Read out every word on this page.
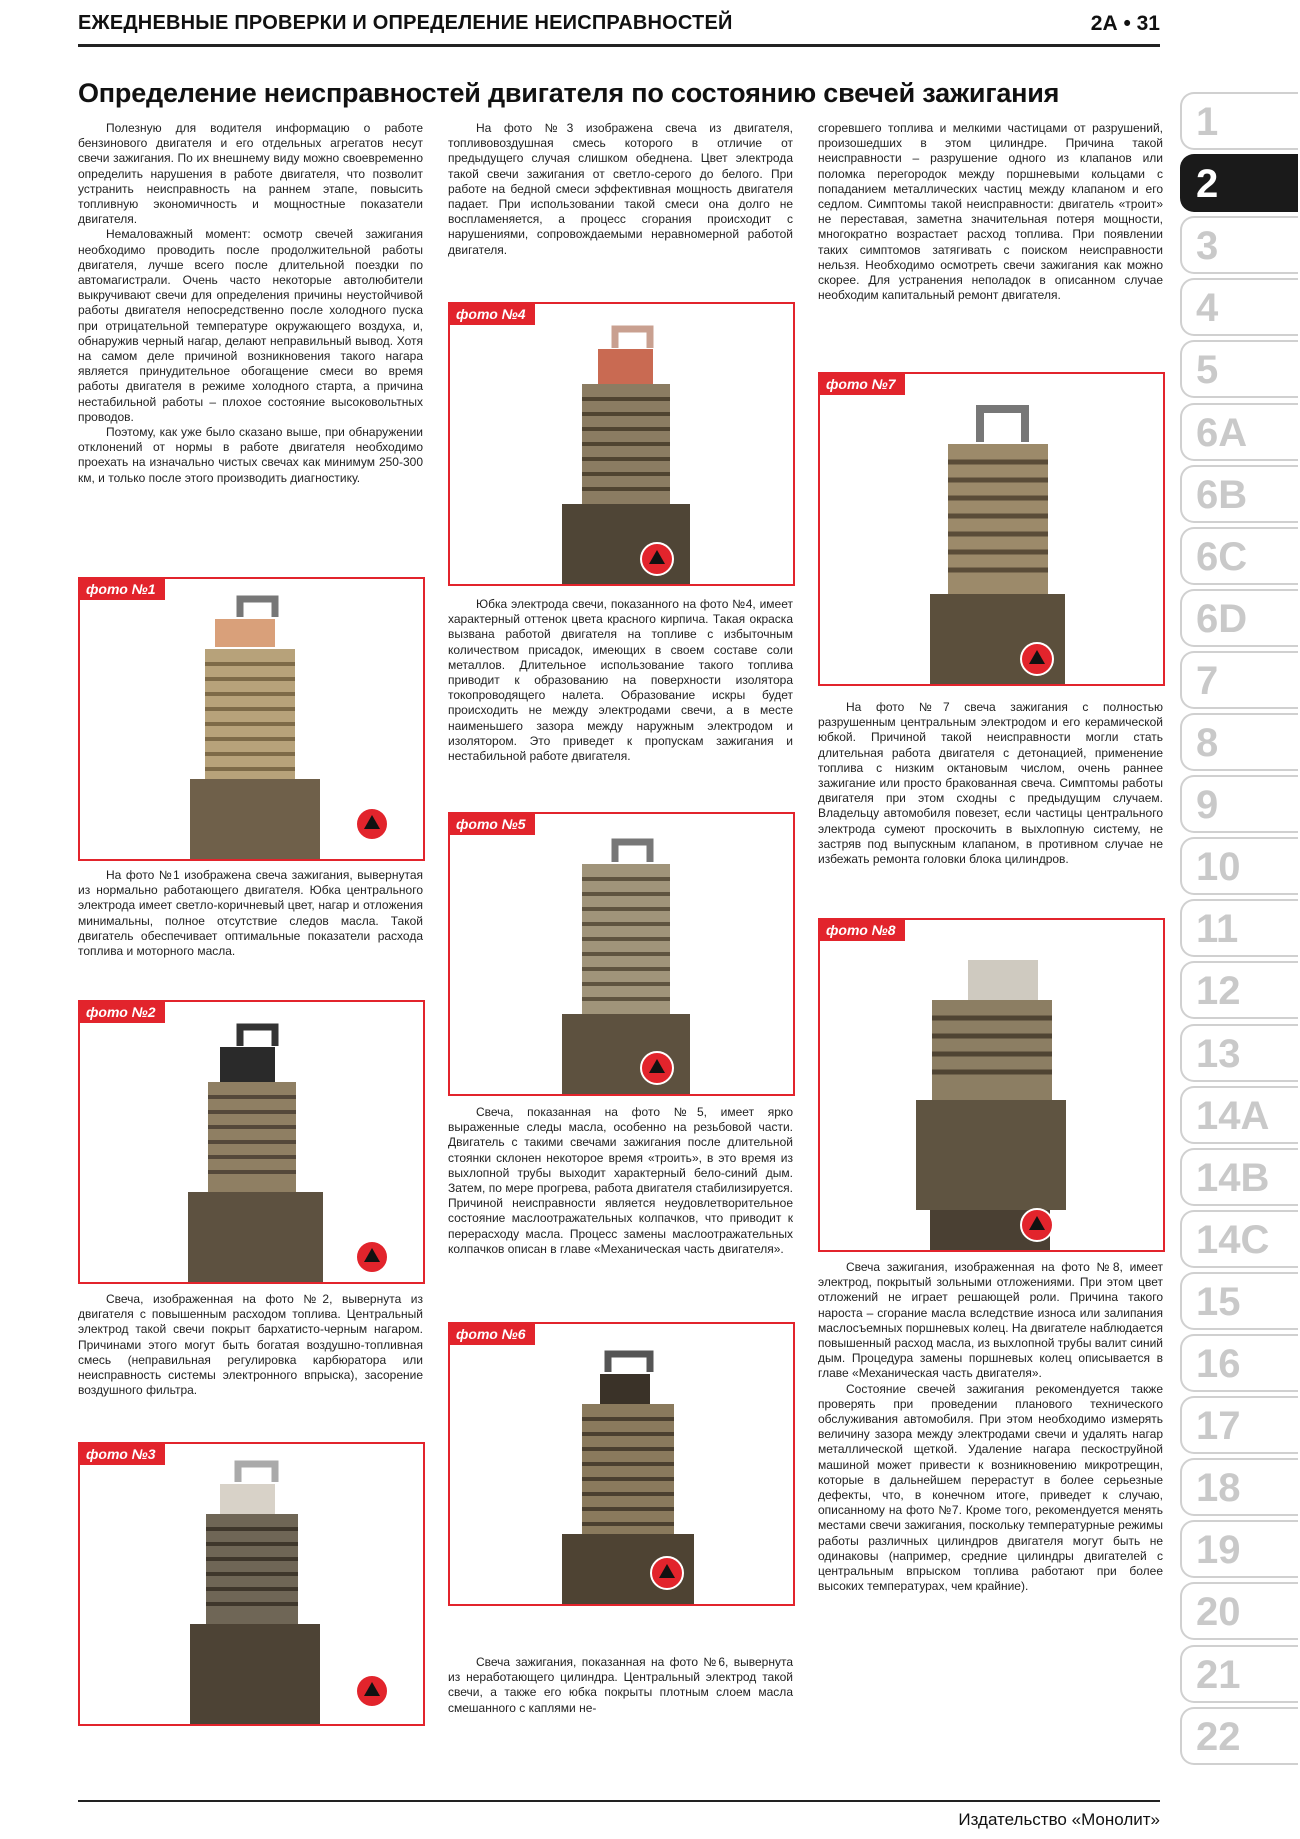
ЕЖЕДНЕВНЫЕ ПРОВЕРКИ И ОПРЕДЕЛЕНИЕ НЕИСПРАВНОСТЕЙ	2А • 31
Определение неисправностей двигателя по состоянию свечей зажигания

Полезную для водителя информацию о работе бензинового двигателя и его отдельных агрегатов несут свечи зажигания. По их внешнему виду можно своевременно определить нарушения в работе двигателя, что позволит устранить неисправность на раннем этапе, повысить топливную экономичность и мощностные показатели двигателя.

Немаловажный момент: осмотр свечей зажигания необходимо проводить после продолжительной работы двигателя, лучше всего после длительной поездки по автомагистрали. Очень часто некоторые автолюбители выкручивают свечи для определения причины неустойчивой работы двигателя непосредственно после холодного пуска при отрицательной температуре окружающего воздуха, и, обнаружив черный нагар, делают неправильный вывод. Хотя на самом деле причиной возникновения такого нагара является принудительное обогащение смеси во время работы двигателя в режиме холодного старта, а причина нестабильной работы – плохое состояние высоковольтных проводов.

Поэтому, как уже было сказано выше, при обнаружении отклонений от нормы в работе двигателя необходимо проехать на изначально чистых свечах как минимум 250-300 км, и только после этого производить диагностику.

фото №1

На фото №1 изображена свеча зажигания, вывернутая из нормально работающего двигателя. Юбка центрального электрода имеет светло-коричневый цвет, нагар и отложения минимальны, полное отсутствие следов масла. Такой двигатель обеспечивает оптимальные показатели расхода топлива и моторного масла.

фото №2

Свеча, изображенная на фото №2, вывернута из двигателя с повышенным расходом топлива. Центральный электрод такой свечи покрыт бархатисто-черным нагаром. Причинами этого могут быть богатая воздушно-топливная смесь (неправильная регулировка карбюратора или неисправность системы электронного впрыска), засорение воздушного фильтра.

фото №3

На фото №3 изображена свеча из двигателя, топливовоздушная смесь которого в отличие от предыдущего случая слишком обеднена. Цвет электрода такой свечи зажигания от светло-серого до белого. При работе на бедной смеси эффективная мощность двигателя падает. При использовании такой смеси она долго не воспламеняется, а процесс сгорания происходит с нарушениями, сопровождаемыми неравномерной работой двигателя.

фото №4

Юбка электрода свечи, показанного на фото №4, имеет характерный оттенок цвета красного кирпича. Такая окраска вызвана работой двигателя на топливе с избыточным количеством присадок, имеющих в своем составе соли металлов. Длительное использование такого топлива приводит к образованию на поверхности изолятора токопроводящего налета. Образование искры будет происходить не между электродами свечи, а в месте наименьшего зазора между наружным электродом и изолятором. Это приведет к пропускам зажигания и нестабильной работе двигателя.

фото №5

Свеча, показанная на фото №5, имеет ярко выраженные следы масла, особенно на резьбовой части. Двигатель с такими свечами зажигания после длительной стоянки склонен некоторое время «троить», в это время из выхлопной трубы выходит характерный бело-синий дым. Затем, по мере прогрева, работа двигателя стабилизируется. Причиной неисправности является неудовлетворительное состояние маслоотражательных колпачков, что приводит к перерасходу масла. Процесс замены маслоотражательных колпачков описан в главе «Механическая часть двигателя».

фото №6

Свеча зажигания, показанная на фото №6, вывернута из неработающего цилиндра. Центральный электрод такой свечи, а также его юбка покрыты плотным слоем масла смешанного с каплями не-

сгоревшего топлива и мелкими частицами от разрушений, произошедших в этом цилиндре. Причина такой неисправности – разрушение одного из клапанов или поломка перегородок между поршневыми кольцами с попаданием металлических частиц между клапаном и его седлом. Симптомы такой неисправности: двигатель «троит» не переставая, заметна значительная потеря мощности, многократно возрастает расход топлива. При появлении таких симптомов затягивать с поиском неисправности нельзя. Необходимо осмотреть свечи зажигания как можно скорее. Для устранения неполадок в описанном случае необходим капитальный ремонт двигателя.

фото №7

На фото №7 свеча зажигания с полностью разрушенным центральным электродом и его керамической юбкой. Причиной такой неисправности могли стать длительная работа двигателя с детонацией, применение топлива с низким октановым числом, очень раннее зажигание или просто бракованная свеча. Симптомы работы двигателя при этом сходны с предыдущим случаем. Владельцу автомобиля повезет, если частицы центрального электрода сумеют проскочить в выхлопную систему, не застряв под выпускным клапаном, в противном случае не избежать ремонта головки блока цилиндров.

фото №8

Свеча зажигания, изображенная на фото №8, имеет электрод, покрытый зольными отложениями. При этом цвет отложений не играет решающей роли. Причина такого нароста – сгорание масла вследствие износа или залипания маслосъемных поршневых колец. На двигателе наблюдается повышенный расход масла, из выхлопной трубы валит синий дым. Процедура замены поршневых колец описывается в главе «Механическая часть двигателя».

Состояние свечей зажигания рекомендуется также проверять при проведении планового технического обслуживания автомобиля. При этом необходимо измерять величину зазора между электродами свечи и удалять нагар металлической щеткой. Удаление нагара пескоструйной машиной может привести к возникновению микротрещин, которые в дальнейшем перерастут в более серьезные дефекты, что, в конечном итоге, приведет к случаю, описанному на фото №7. Кроме того, рекомендуется менять местами свечи зажигания, поскольку температурные режимы работы различных цилиндров двигателя могут быть не одинаковы (например, средние цилиндры двигателей с центральным впрыском топлива работают при более высоких температурах, чем крайние).

1
2
3
4
5
6A
6B
6C
6D
7
8
9
10
11
12
13
14A
14B
14C
15
16
17
18
19
20
21
22
Издательство «Монолит»
